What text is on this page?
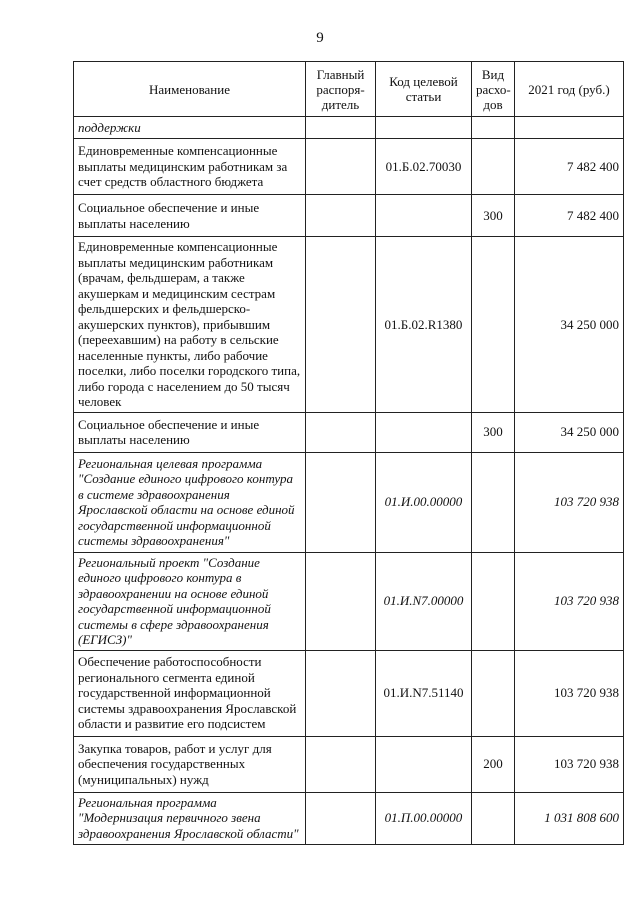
9
Наименование	Главный распоря-дитель	Код целевой статьи	Вид расхо-дов	2021 год (руб.)
поддержки				
Единовременные компенсационные выплаты медицинским работникам за счет средств областного бюджета		01.Б.02.70030		7 482 400
Социальное обеспечение и иные выплаты населению			300	7 482 400
Единовременные компенсационные выплаты медицинским работникам (врачам, фельдшерам, а также акушеркам и медицинским сестрам фельдшерских и фельдшерско-акушерских пунктов), прибывшим (переехавшим) на работу в сельские населенные пункты, либо рабочие поселки, либо поселки городского типа, либо города с населением до 50 тысяч человек		01.Б.02.R1380		34 250 000
Социальное обеспечение и иные выплаты населению			300	34 250 000
Региональная целевая программа "Создание единого цифрового контура в системе здравоохранения Ярославской области на основе единой государственной информационной системы здравоохранения"		01.И.00.00000		103 720 938
Региональный проект "Создание единого цифрового контура в здравоохранении на основе единой государственной информационной системы в сфере здравоохранения (ЕГИСЗ)"		01.И.N7.00000		103 720 938
Обеспечение работоспособности регионального сегмента единой государственной информационной системы здравоохранения Ярославской области и развитие его подсистем		01.И.N7.51140		103 720 938
Закупка товаров, работ и услуг для обеспечения государственных (муниципальных) нужд			200	103 720 938
Региональная программа "Модернизация первичного звена здравоохранения Ярославской области"		01.П.00.00000		1 031 808 600
